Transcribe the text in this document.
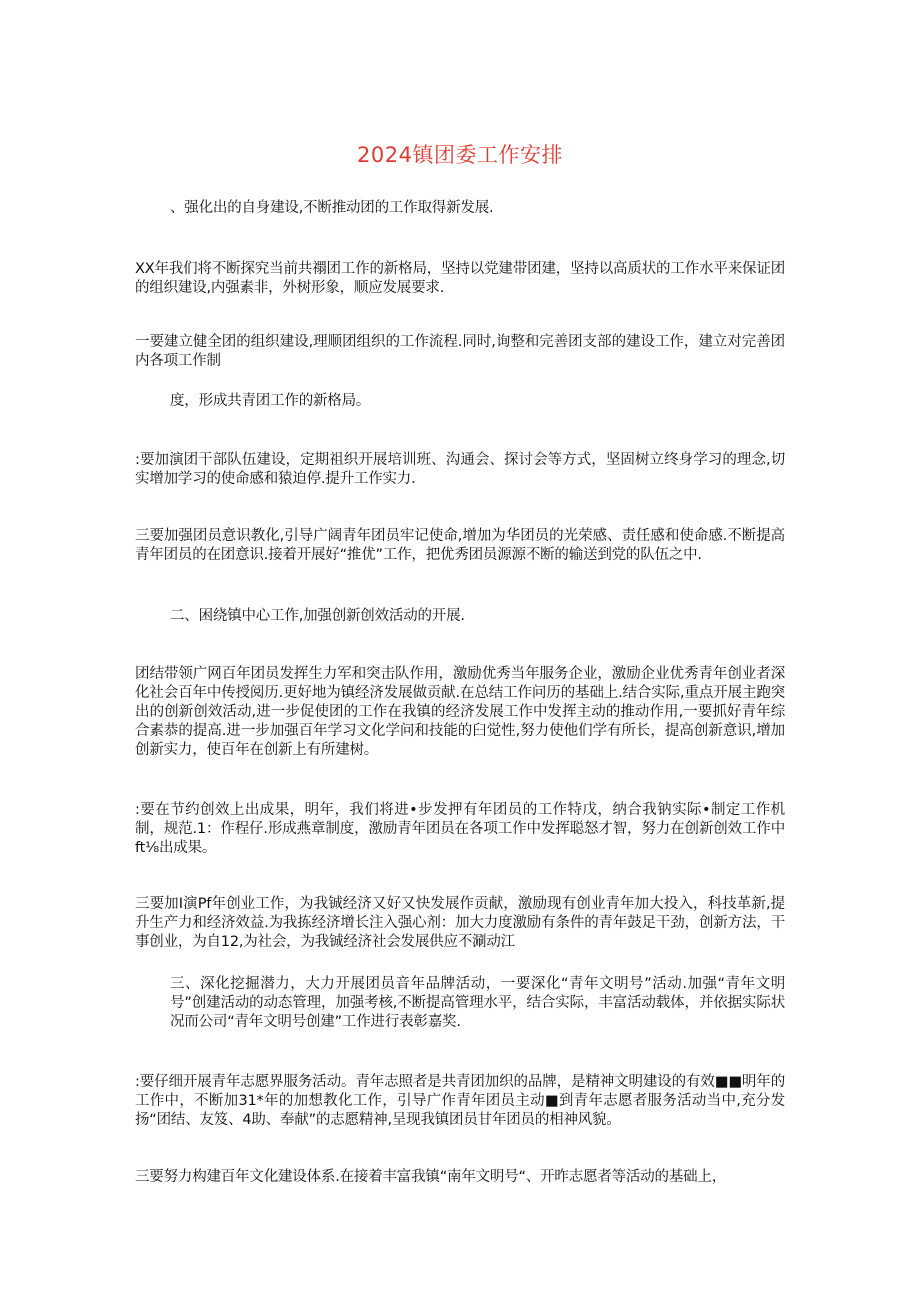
2024镇团委工作安排
、强化出的自身建设,不断推动团的工作取得新发展.
XX年我们将不断探究当前共禤团工作的新格局，坚持以党建带团建，坚持以高质状的工作水平来保证团的组织建设,内强素非，外树形象，顺应发展要求.
一要建立健全团的组织建设,理顺团组织的工作流程.同时,询整和完善团支部的建设工作，建立对完善团内各项工作制
度，形成共青团工作的新格局。
:要加演团干部队伍建设，定期祖织开展培训班、沟通会、探讨会等方式，坚固树立终身学习的理念,切实增加学习的使命感和猿迫停.提升工作实力.
三要加强团员意识教化,引导广阔青年团员牢记使命,增加为华团员的光荣感、责任感和使命感.不断提高青年团员的在团意识.接着开展好“推优”工作，把优秀团员源源不断的输送到党的队伍之中.
二、困绕镇中心工作,加强创新创效活动的开展.
团结带领广网百年团员发挥生力军和突击队作用，激励优秀当年服务企业，激励企业优秀青年创业者深化社会百年中传授阅历.更好地为镇经济发展做贡献.在总结工作问历的基础上.结合实际,重点开展主跑突出的创新创效活动,进一步促使团的工作在我镇的经济发展工作中发挥主动的推动作用,一要抓好青年综合素恭的提高.进一步加强百年学习文化学问和技能的臼觉性,努力使他们学有所长，提高创新意识,增加创新实力，使百年在创新上有所建树。
:要在节约创效上出成果，明年，我们将进•步发押有年团员的工作特戊，纳合我钠实际•制定工作机制，规范.1：作程仔.形成燕章制度，激励青年团员在各项工作中发挥聪怒才智，努力在创新创效工作中ft⅛出成果。
三要加I演Pf年创业工作，为我铖经济又好又快发展作贡献，激励现有创业青年加大投入，科技革新,提升生产力和经济效益.为我拣经济增长注入强心剂：加大力度激励有条件的青年鼓足干劲，创新方法，干事创业，为自12,为社会，为我铖经济社会发展供应不涮动江
三、深化挖掘潜力，大力开展团员音年品牌活动，一要深化“青年文明号”活动.加强“青年文明号”创建活动的动态管理，加强考核,不断提高管理水平，结合实际，丰富活动载体，并依据实际状况而公司“青年文明号创建”工作进行表彰嘉奖.
:要仔细开展青年志愿界服务活动。青年志照者是共青团加织的品牌，是精神文明建设的有效■■明年的工作中，不断加31*年的加想教化工作，引导广作青年团员主动■到青年志愿者服务活动当中,充分发扬“团结、友笈、4助、奉献”的志愿精神,呈现我镇团员甘年团员的相神风貌。
三要努力构建百年文化建设体系.在接着丰富我镇“南年文明号“、开昨志愿者等活动的基础上，
